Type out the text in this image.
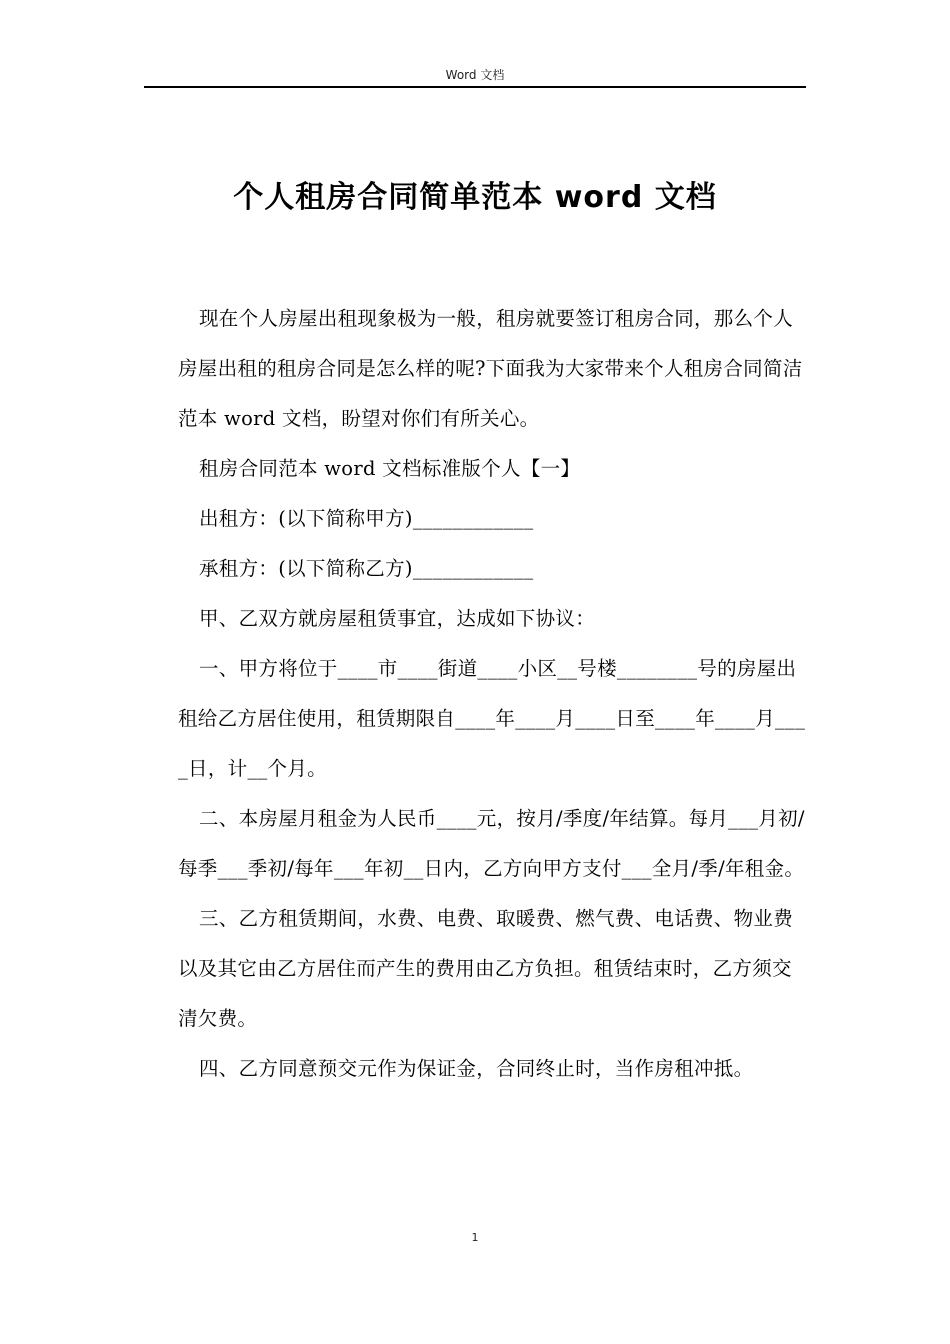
Word 文档
个人租房合同简单范本 word 文档

现在个人房屋出租现象极为一般，租房就要签订租房合同，那么个人房屋出租的租房合同是怎么样的呢?下面我为大家带来个人租房合同简洁范本 word 文档，盼望对你们有所关心。

租房合同范本 word 文档标准版个人【一】

出租方：(以下简称甲方)____________

承租方：(以下简称乙方)____________

甲、乙双方就房屋租赁事宜，达成如下协议：

一、甲方将位于____市____街道____小区__号楼________号的房屋出租给乙方居住使用，租赁期限自____年____月____日至____年____月____日，计__个月。

二、本房屋月租金为人民币____元，按月/季度/年结算。每月___月初/每季___季初/每年___年初__日内，乙方向甲方支付___全月/季/年租金。

三、乙方租赁期间，水费、电费、取暖费、燃气费、电话费、物业费以及其它由乙方居住而产生的费用由乙方负担。租赁结束时，乙方须交清欠费。

四、乙方同意预交元作为保证金，合同终止时，当作房租冲抵。

1
